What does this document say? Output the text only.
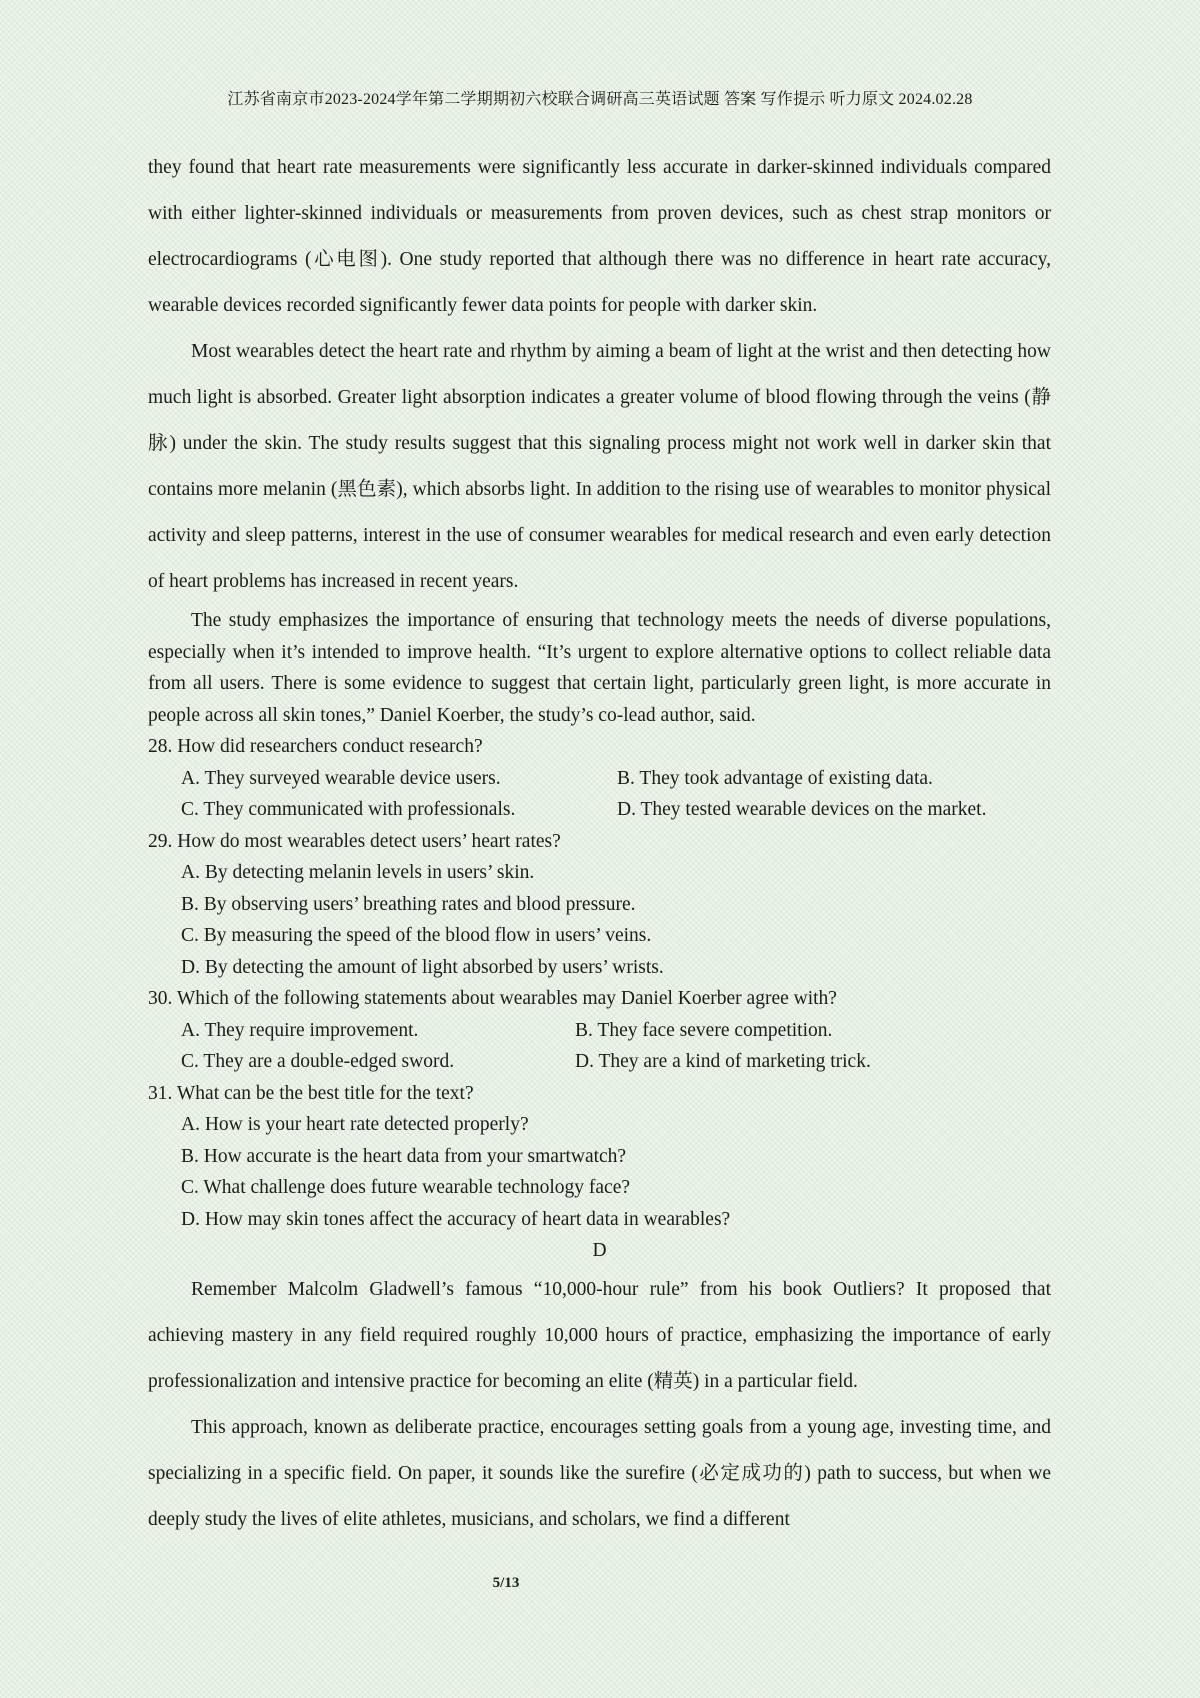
江苏省南京市2023-2024学年第二学期期初六校联合调研高三英语试题 答案 写作提示 听力原文 2024.02.28

they found that heart rate measurements were significantly less accurate in darker-skinned individuals compared with either lighter-skinned individuals or measurements from proven devices, such as chest strap monitors or electrocardiograms (心电图). One study reported that although there was no difference in heart rate accuracy, wearable devices recorded significantly fewer data points for people with darker skin.

Most wearables detect the heart rate and rhythm by aiming a beam of light at the wrist and then detecting how much light is absorbed. Greater light absorption indicates a greater volume of blood flowing through the veins (静脉) under the skin. The study results suggest that this signaling process might not work well in darker skin that contains more melanin (黑色素), which absorbs light. In addition to the rising use of wearables to monitor physical activity and sleep patterns, interest in the use of consumer wearables for medical research and even early detection of heart problems has increased in recent years.

The study emphasizes the importance of ensuring that technology meets the needs of diverse populations, especially when it’s intended to improve health. “It’s urgent to explore alternative options to collect reliable data from all users. There is some evidence to suggest that certain light, particularly green light, is more accurate in people across all skin tones,” Daniel Koerber, the study’s co-lead author, said.

28. How did researchers conduct research?

A. They surveyed wearable device users.	B. They took advantage of existing data.
C. They communicated with professionals.	D. They tested wearable devices on the market.

29. How do most wearables detect users’ heart rates?

A. By detecting melanin levels in users’ skin.

B. By observing users’ breathing rates and blood pressure.

C. By measuring the speed of the blood flow in users’ veins.

D. By detecting the amount of light absorbed by users’ wrists.

30. Which of the following statements about wearables may Daniel Koerber agree with?

A. They require improvement.	B. They face severe competition.
C. They are a double-edged sword.	D. They are a kind of marketing trick.

31. What can be the best title for the text?

A. How is your heart rate detected properly?

B. How accurate is the heart data from your smartwatch?

C. What challenge does future wearable technology face?

D. How may skin tones affect the accuracy of heart data in wearables?

D

Remember Malcolm Gladwell’s famous “10,000-hour rule” from his book Outliers? It proposed that achieving mastery in any field required roughly 10,000 hours of practice, emphasizing the importance of early professionalization and intensive practice for becoming an elite (精英) in a particular field.

This approach, known as deliberate practice, encourages setting goals from a young age, investing time, and specializing in a specific field. On paper, it sounds like the surefire (必定成功的) path to success, but when we deeply study the lives of elite athletes, musicians, and scholars, we find a different

5/13
